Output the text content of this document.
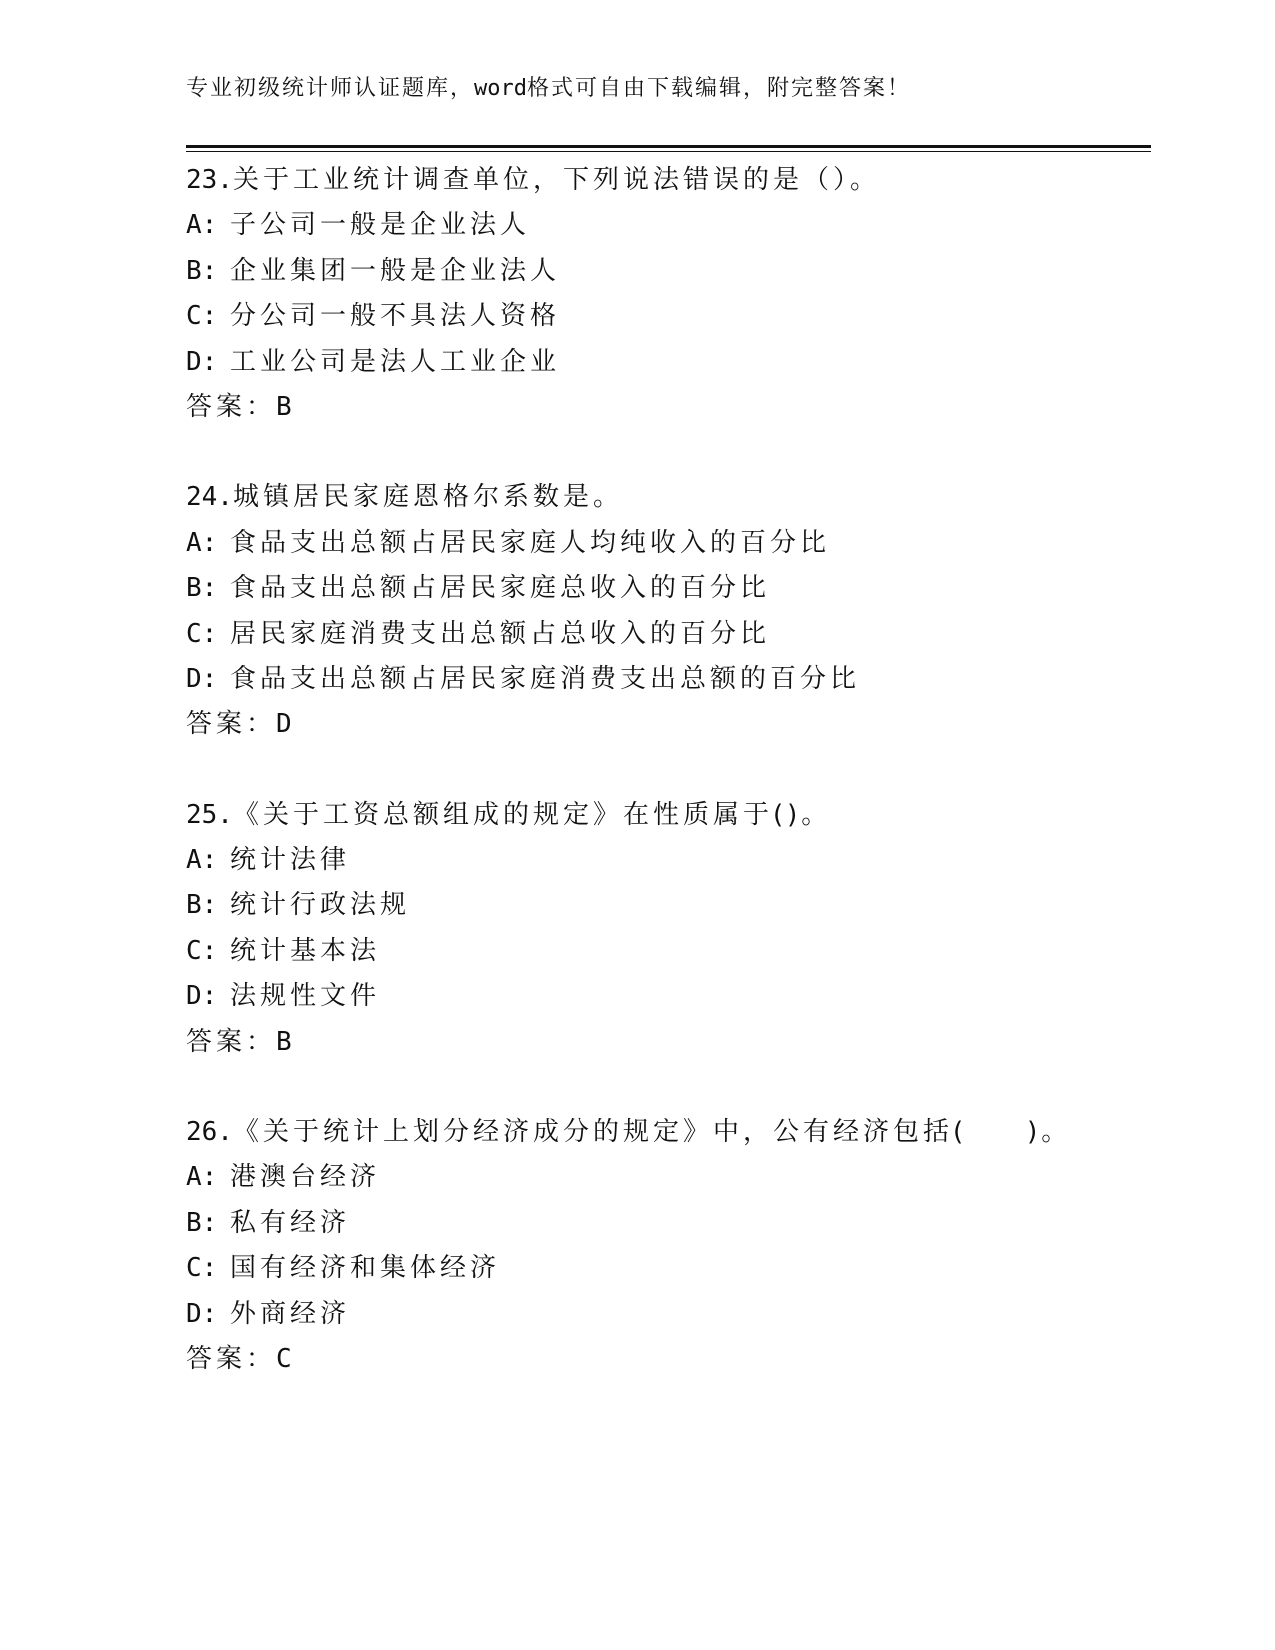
专业初级统计师认证题库，word格式可自由下载编辑，附完整答案！
23.关于工业统计调查单位，下列说法错误的是（）。
A: 子公司一般是企业法人
B: 企业集团一般是企业法人
C: 分公司一般不具法人资格
D: 工业公司是法人工业企业
答案：B
24.城镇居民家庭恩格尔系数是。
A: 食品支出总额占居民家庭人均纯收入的百分比
B: 食品支出总额占居民家庭总收入的百分比
C: 居民家庭消费支出总额占总收入的百分比
D: 食品支出总额占居民家庭消费支出总额的百分比
答案：D
25.《关于工资总额组成的规定》在性质属于()。
A: 统计法律
B: 统计行政法规
C: 统计基本法
D: 法规性文件
答案：B
26.《关于统计上划分经济成分的规定》中，公有经济包括(　　)。
A: 港澳台经济
B: 私有经济
C: 国有经济和集体经济
D: 外商经济
答案：C
